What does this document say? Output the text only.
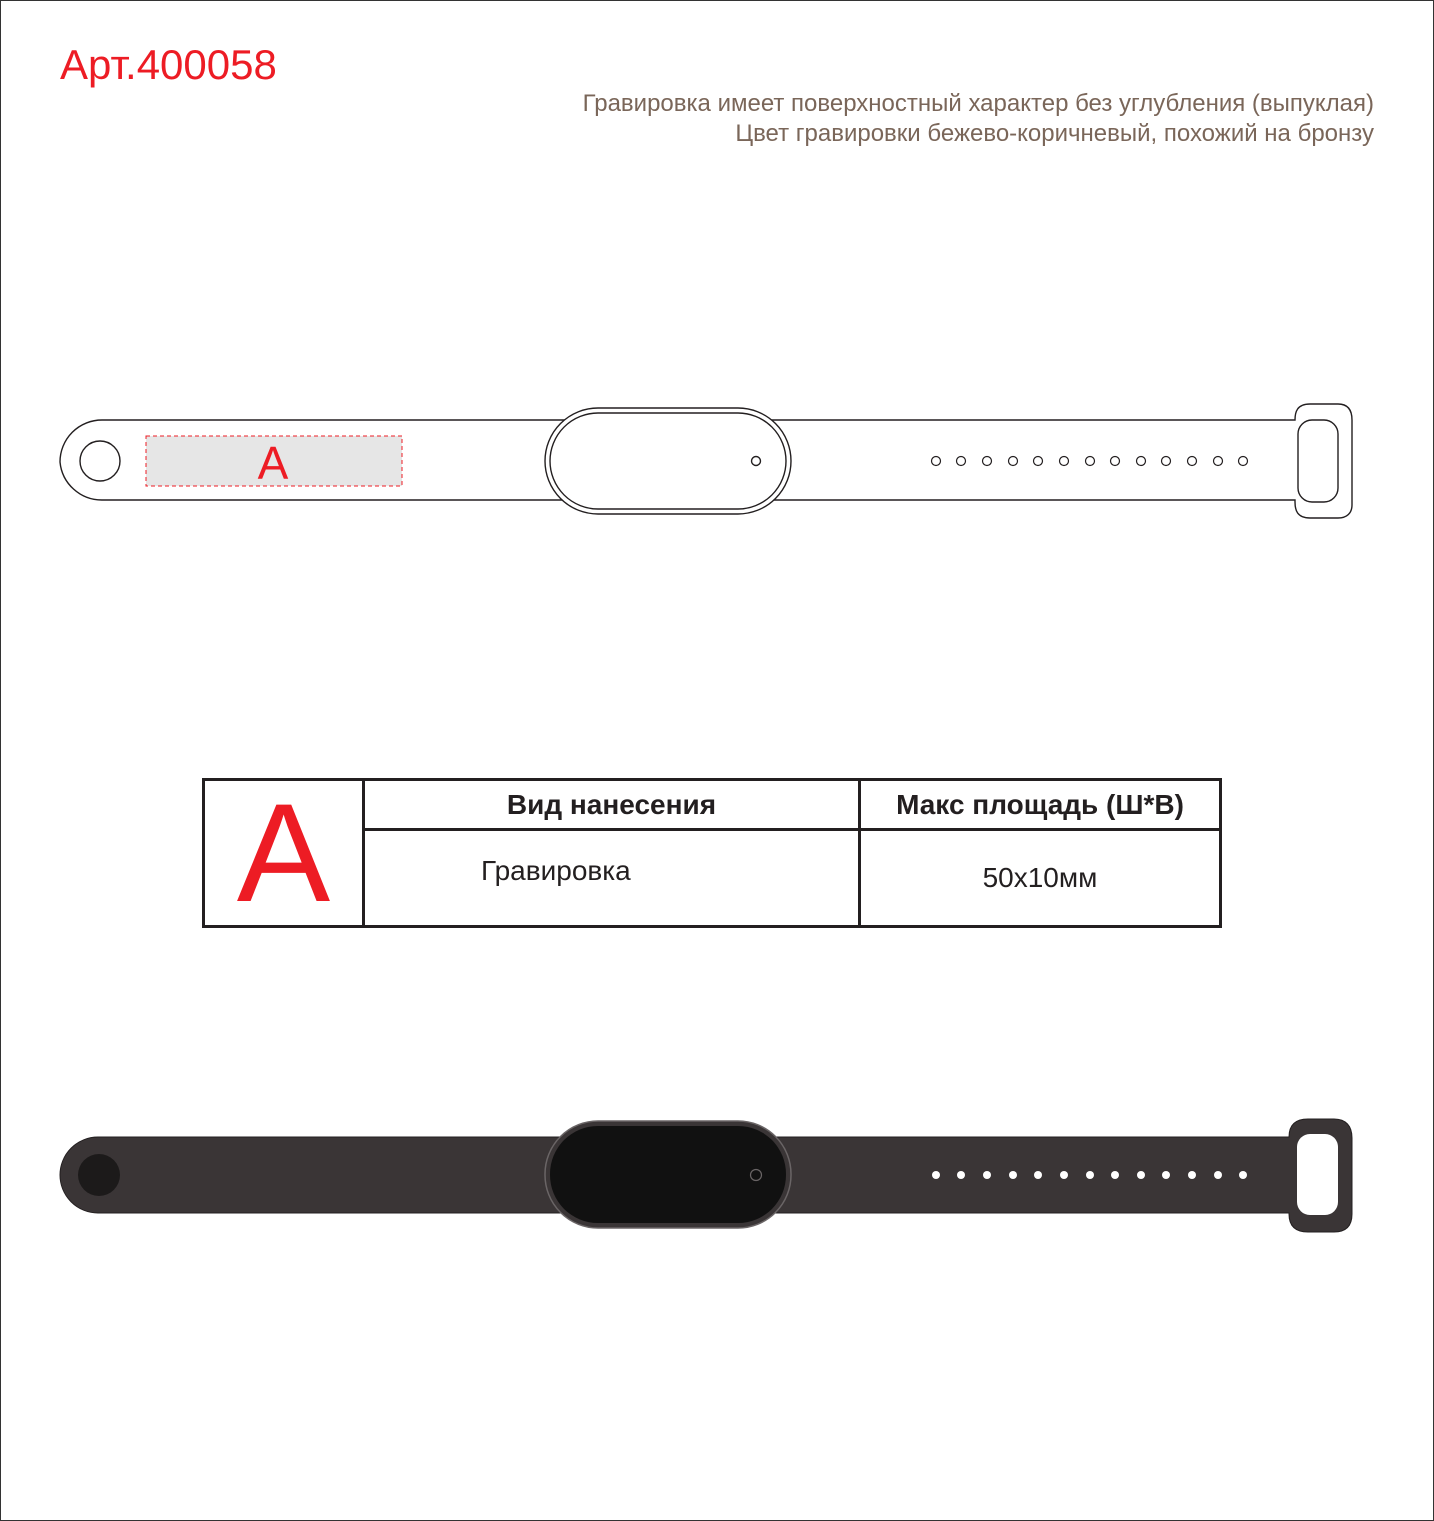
Арт.400058
Гравировка имеет поверхностный характер без углубления (выпуклая)
Цвет гравировки бежево-коричневый, похожий на бронзу
A
A	Вид нанесения	Макс площадь (Ш*В)
Гравировка	50x10мм
